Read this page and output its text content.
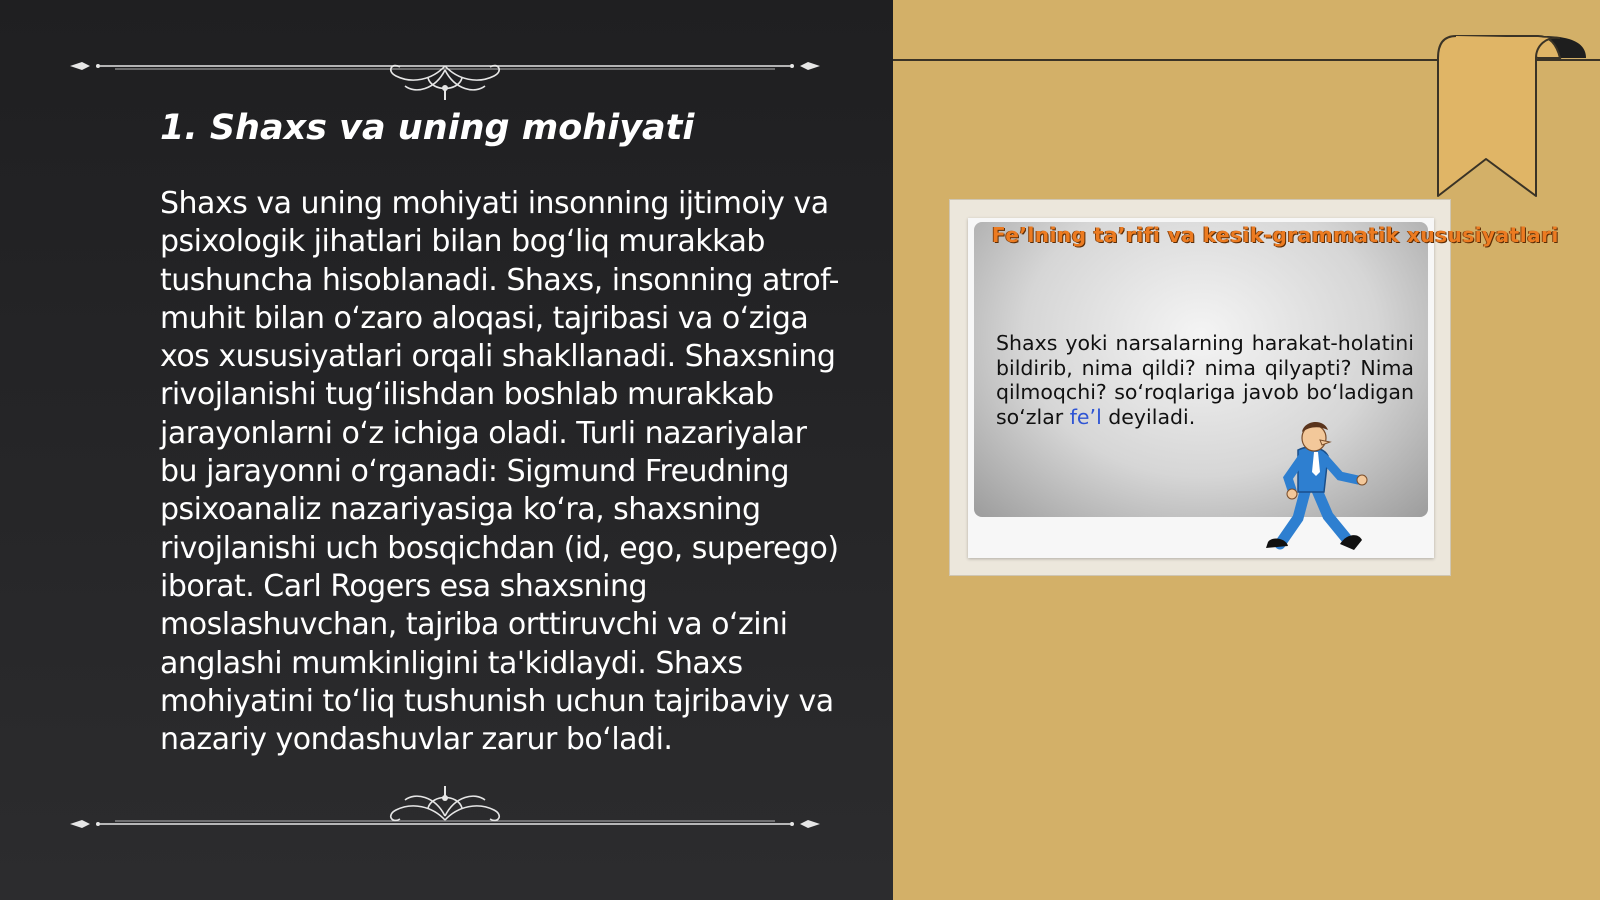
1. Shaxs va uning mohiyati

Shaxs va uning mohiyati insonning ijtimoiy va psixologik jihatlari bilan bog‘liq murakkab tushuncha hisoblanadi. Shaxs, insonning atrof-muhit bilan o‘zaro aloqasi, tajribasi va o‘ziga xos xususiyatlari orqali shakllanadi. Shaxsning rivojlanishi tug‘ilishdan boshlab murakkab jarayonlarni o‘z ichiga oladi. Turli nazariyalar bu jarayonni o‘rganadi: Sigmund Freudning psixoanaliz nazariyasiga ko‘ra, shaxsning rivojlanishi uch bosqichdan (id, ego, superego) iborat. Carl Rogers esa shaxsning moslashuvchan, tajriba orttiruvchi va o‘zini anglashi mumkinligini ta'kidlaydi. Shaxs mohiyatini to‘liq tushunish uchun tajribaviy va nazariy yondashuvlar zarur bo‘ladi.

Fe’lning ta’rifi va kesik-grammatik xususiyatlari

Shaxs yoki narsalarning harakat-holatini bildirib, nima qildi? nima qilyapti? Nima qilmoqchi? so‘roqlariga javob bo‘ladigan so‘zlar fe’l deyiladi.
